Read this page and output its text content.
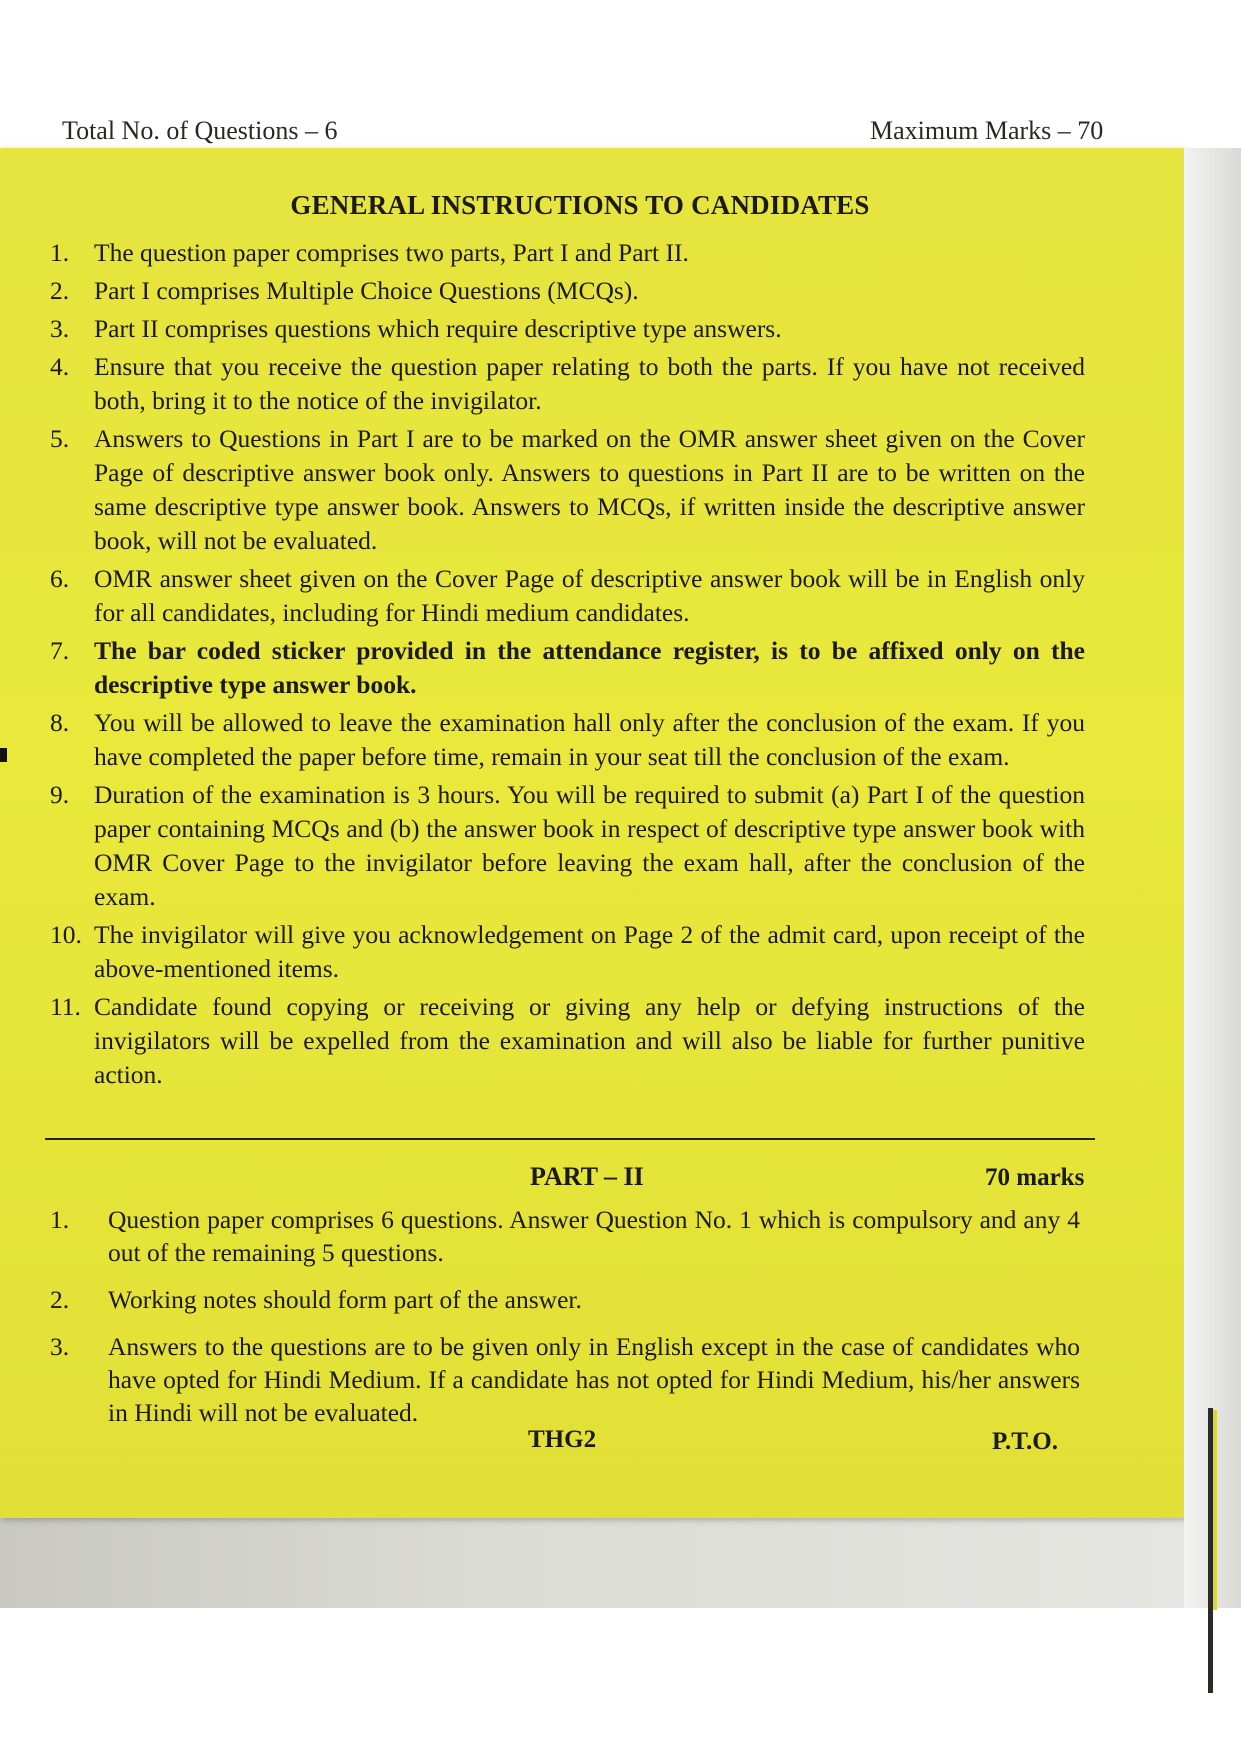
Total No. of Questions – 6	Maximum Marks – 70
GENERAL INSTRUCTIONS TO CANDIDATES
1. The question paper comprises two parts, Part I and Part II.
2. Part I comprises Multiple Choice Questions (MCQs).
3. Part II comprises questions which require descriptive type answers.
4. Ensure that you receive the question paper relating to both the parts. If you have not received both, bring it to the notice of the invigilator.
5. Answers to Questions in Part I are to be marked on the OMR answer sheet given on the Cover Page of descriptive answer book only. Answers to questions in Part II are to be written on the same descriptive type answer book. Answers to MCQs, if written inside the descriptive answer book, will not be evaluated.
6. OMR answer sheet given on the Cover Page of descriptive answer book will be in English only for all candidates, including for Hindi medium candidates.
7. The bar coded sticker provided in the attendance register, is to be affixed only on the descriptive type answer book.
8. You will be allowed to leave the examination hall only after the conclusion of the exam. If you have completed the paper before time, remain in your seat till the conclusion of the exam.
9. Duration of the examination is 3 hours. You will be required to submit (a) Part I of the question paper containing MCQs and (b) the answer book in respect of descriptive type answer book with OMR Cover Page to the invigilator before leaving the exam hall, after the conclusion of the exam.
10. The invigilator will give you acknowledgement on Page 2 of the admit card, upon receipt of the above-mentioned items.
11. Candidate found copying or receiving or giving any help or defying instructions of the invigilators will be expelled from the examination and will also be liable for further punitive action.
PART – II	70 marks
1.	Question paper comprises 6 questions. Answer Question No. 1 which is compulsory and any 4 out of the remaining 5 questions.
2.	Working notes should form part of the answer.
3.	Answers to the questions are to be given only in English except in the case of candidates who have opted for Hindi Medium. If a candidate has not opted for Hindi Medium, his/her answers in Hindi will not be evaluated.
THG2	P.T.O.
